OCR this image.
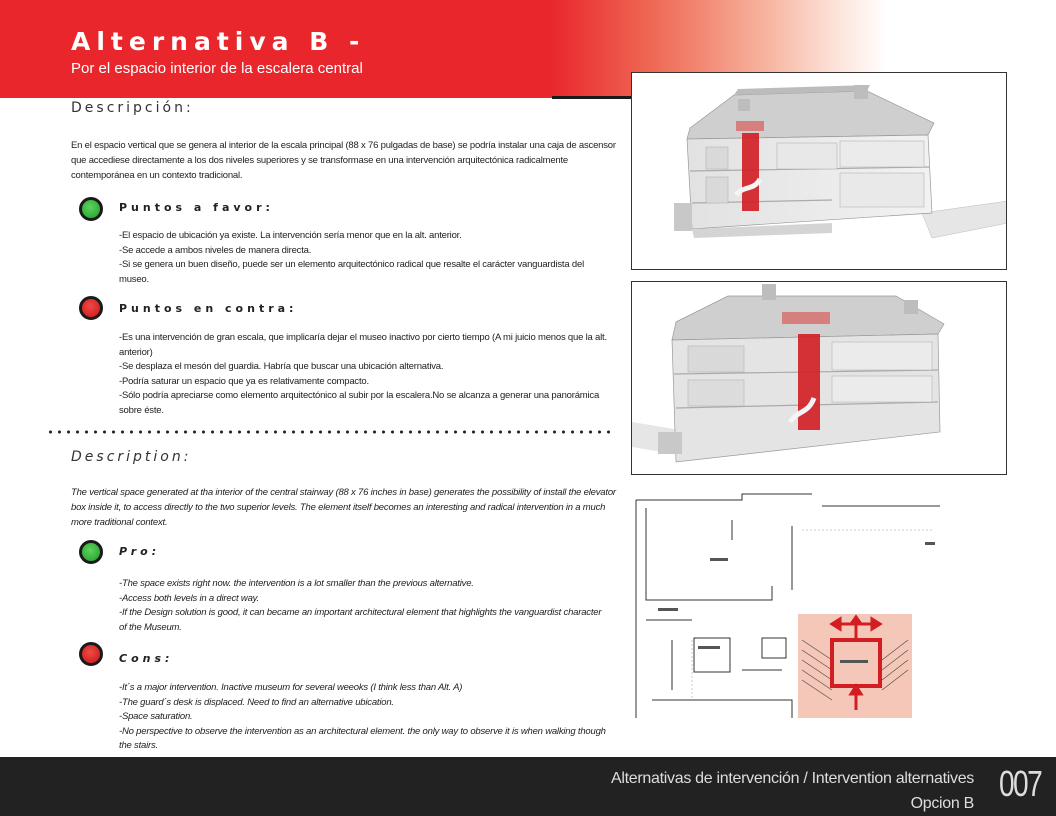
Alternativa B -
Por el espacio interior de la escalera central
Descripción:
En el espacio vertical que se genera al interior de la escala principal (88 x 76 pulgadas de base) se podría instalar una caja de ascensor que accediese directamente a los dos niveles superiores y se transformase en una intervención arquitectónica radicalmente contemporánea en un contexto tradicional.
Puntos a favor:
-El espacio de ubicación ya existe. La intervención sería menor que en la alt. anterior.
-Se accede a ambos niveles de manera directa.
-Si se genera un buen diseño, puede ser un elemento arquitectónico radical que resalte el carácter vanguardista del museo.
Puntos en contra:
-Es una intervención de gran escala, que implicaría dejar el museo inactivo por cierto tiempo (A mi juicio menos que la alt. anterior)
-Se desplaza el mesón del guardia. Habría que buscar una ubicación alternativa.
-Podría saturar un espacio que ya es relativamente compacto.
-Sólo podría apreciarse como elemento arquitectónico al subir por la escalera.No se alcanza a generar una panorámica sobre éste.
Description:
The vertical space generated at tha interior of the central stairway (88 x 76 inches in base) generates the possibility of install the elevator box inside it, to access directly to the two superior levels. The element itself becomes an interesting and radical intervention in a much more traditional context.
Pro:
-The space exists right now. the intervention is a lot smaller than the previous alternative.
-Access both levels in a direct way.
-If the Design solution is good, it can became an important architectural element that highlights the vanguardist character of the Museum.
Cons:
-It´s a major intervention. Inactive museum for several weeoks (I think less than Alt. A)
-The guard´s desk is displaced. Need to find an alternative ubication.
-Space saturation.
-No perspective to observe the intervention as an architectural element. the only way to observe it is when walking though the stairs.
Alternativas de intervención / Intervention alternatives
Opcion B 007
